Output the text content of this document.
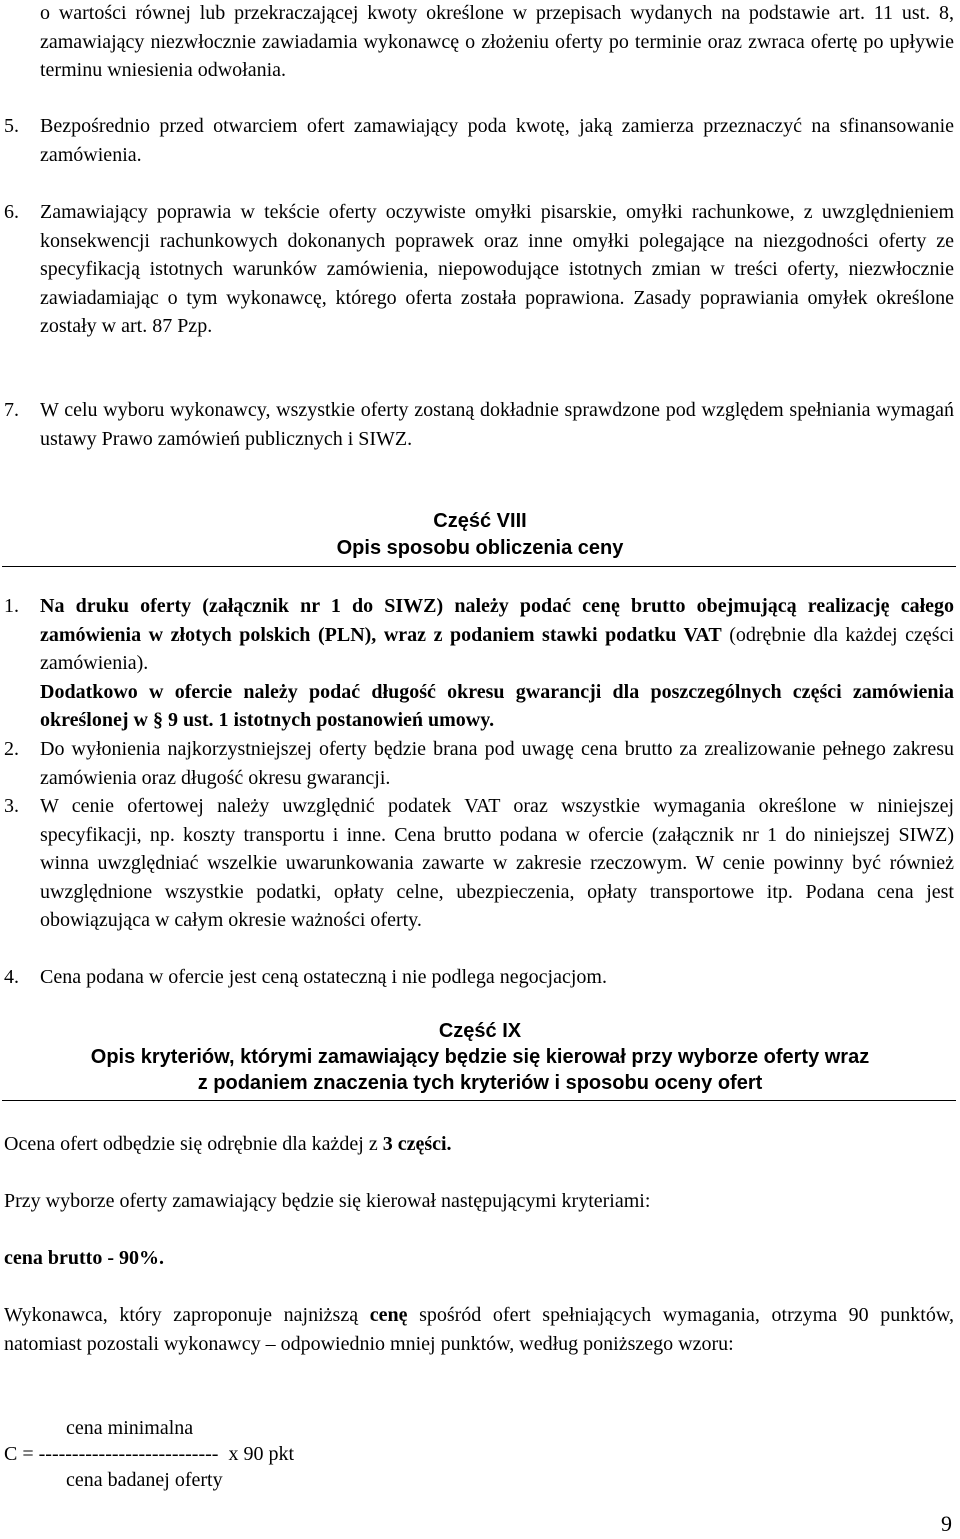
o wartości równej lub przekraczającej kwoty określone w przepisach wydanych na podstawie art. 11 ust. 8, zamawiający niezwłocznie zawiadamia wykonawcę o złożeniu oferty po terminie oraz zwraca ofertę po upływie terminu wniesienia odwołania.

5. Bezpośrednio przed otwarciem ofert zamawiający poda kwotę, jaką zamierza przeznaczyć na sfinansowanie zamówienia.
6. Zamawiający poprawia w tekście oferty oczywiste omyłki pisarskie, omyłki rachunkowe, z uwzględnieniem konsekwencji rachunkowych dokonanych poprawek oraz inne omyłki polegające na niezgodności oferty ze specyfikacją istotnych warunków zamówienia, niepowodujące istotnych zmian w treści oferty, niezwłocznie zawiadamiając o tym wykonawcę, którego oferta została poprawiona. Zasady poprawiania omyłek określone zostały w art. 87 Pzp.
7. W celu wyboru wykonawcy, wszystkie oferty zostaną dokładnie sprawdzone pod względem spełniania wymagań ustawy Prawo zamówień publicznych i SIWZ.
Część VIII
Opis sposobu obliczenia ceny
1. Na druku oferty (załącznik nr 1 do SIWZ) należy podać cenę brutto obejmującą realizację całego zamówienia w złotych polskich (PLN), wraz z podaniem stawki podatku VAT (odrębnie dla każdej części zamówienia).

Dodatkowo w ofercie należy podać długość okresu gwarancji dla poszczególnych części zamówienia określonej w § 9 ust. 1 istotnych postanowień umowy.

2. Do wyłonienia najkorzystniejszej oferty będzie brana pod uwagę cena brutto za zrealizowanie pełnego zakresu zamówienia oraz długość okresu gwarancji.
3. W cenie ofertowej należy uwzględnić podatek VAT oraz wszystkie wymagania określone w niniejszej specyfikacji, np. koszty transportu i inne. Cena brutto podana w ofercie (załącznik nr 1 do niniejszej SIWZ) winna uwzględniać wszelkie uwarunkowania zawarte w zakresie rzeczowym. W cenie powinny być również uwzględnione wszystkie podatki, opłaty celne, ubezpieczenia, opłaty transportowe itp. Podana cena jest obowiązująca w całym okresie ważności oferty.
4. Cena podana w ofercie jest ceną ostateczną i nie podlega negocjacjom.
Część IX
Opis kryteriów, którymi zamawiający będzie się kierował przy wyborze oferty wraz
z podaniem znaczenia tych kryteriów i sposobu oceny ofert
Ocena ofert odbędzie się odrębnie dla każdej z 3 części.
Przy wyborze oferty zamawiający będzie się kierował następującymi kryteriami:
cena brutto - 90%.
Wykonawca, który zaproponuje najniższą cenę spośród ofert spełniających wymagania, otrzyma 90 punktów, natomiast pozostali wykonawcy – odpowiednio mniej punktów, według poniższego wzoru:
cena minimalna
C = ---------------------------  x 90 pkt
cena badanej oferty
9
